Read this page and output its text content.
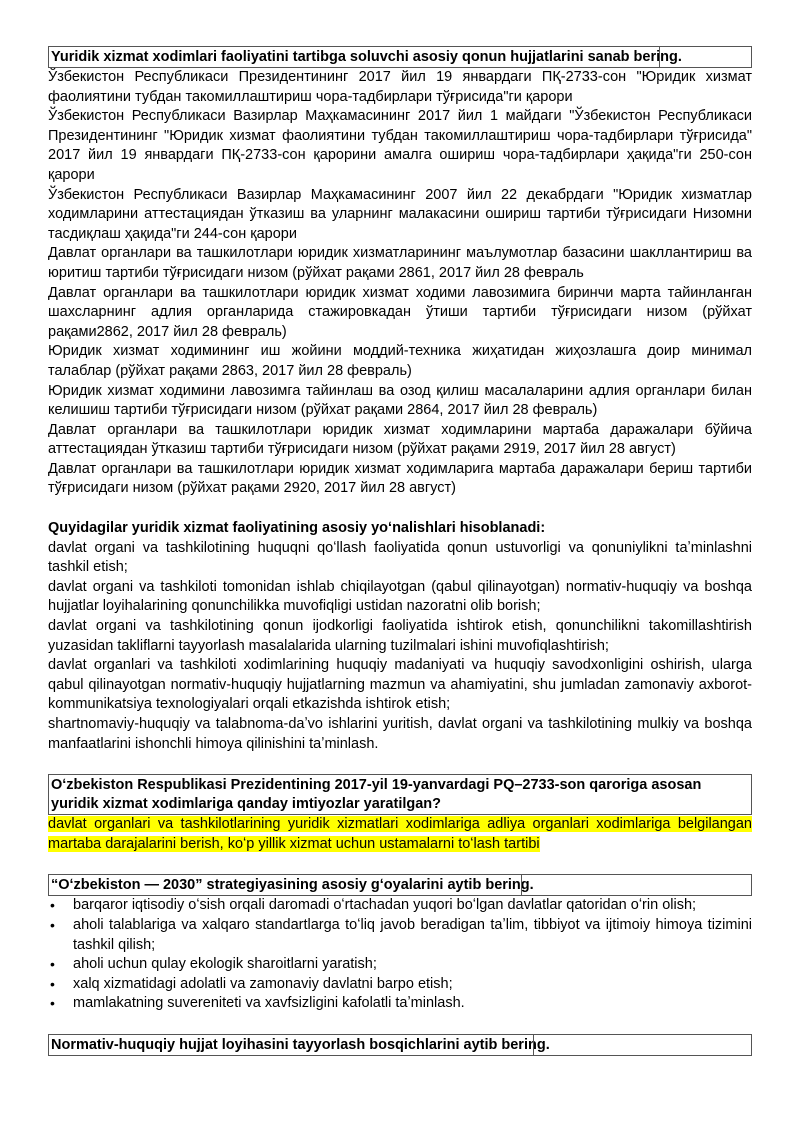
Yuridik xizmat xodimlari faoliyatini tartibga soluvchi asosiy qonun hujjatlarini sanab bering.

Ўзбекистон Республикаси Президентининг 2017 йил 19 январдаги ПҚ-2733-сон "Юридик хизмат фаолиятини тубдан такомиллаштириш чора-тадбирлари тўғрисида"ги қарори

Ўзбекистон Республикаси Вазирлар Маҳкамасининг 2017 йил 1 майдаги "Ўзбекистон Республикаси Президентининг "Юридик хизмат фаолиятини тубдан такомиллаштириш чора-тадбирлари тўғрисида" 2017 йил 19 январдаги ПҚ-2733-сон қарорини амалга ошириш чора-тадбирлари ҳақида"ги 250-сон қарори

Ўзбекистон Республикаси Вазирлар Маҳкамасининг 2007 йил 22 декабрдаги "Юридик хизматлар ходимларини аттестациядан ўтказиш ва уларнинг малакасини ошириш тартиби тўғрисидаги Низомни тасдиқлаш ҳақида"ги 244-сон қарори

Давлат органлари ва ташкилотлари юридик хизматларининг маълумотлар базасини шакллантириш ва юритиш тартиби тўғрисидаги низом (рўйхат рақами 2861, 2017 йил 28 февраль

Давлат органлари ва ташкилотлари юридик хизмат ходими лавозимига биринчи марта тайинланган шахсларнинг адлия органларида стажировкадан ўтиши тартиби тўғрисидаги низом (рўйхат рақами2862, 2017 йил 28 февраль)

Юридик хизмат ходимининг иш жойини моддий-техника жиҳатидан жиҳозлашга доир минимал талаблар (рўйхат рақами 2863, 2017 йил 28 февраль)

Юридик хизмат ходимини лавозимга тайинлаш ва озод қилиш масалаларини адлия органлари билан келишиш тартиби тўғрисидаги низом (рўйхат рақами 2864, 2017 йил 28 февраль)

Давлат органлари ва ташкилотлари юридик хизмат ходимларини мартаба даражалари бўйича аттестациядан ўтказиш тартиби тўғрисидаги низом (рўйхат рақами 2919, 2017 йил 28 август)

Давлат органлари ва ташкилотлари юридик хизмат ходимларига мартаба даражалари бериш тартиби тўғрисидаги низом (рўйхат рақами 2920, 2017 йил 28 август)

Quyidagilar yuridik xizmat faoliyatining asosiy yoʻnalishlari hisoblanadi:

davlat organi va tashkilotining huquqni qoʻllash faoliyatida qonun ustuvorligi va qonuniylikni taʼminlashni tashkil etish;

davlat organi va tashkiloti tomonidan ishlab chiqilayotgan (qabul qilinayotgan) normativ-huquqiy va boshqa hujjatlar loyihalarining qonunchilikka muvofiqligi ustidan nazoratni olib borish;

davlat organi va tashkilotining qonun ijodkorligi faoliyatida ishtirok etish, qonunchilikni takomillashtirish yuzasidan takliflarni tayyorlash masalalarida ularning tuzilmalari ishini muvofiqlashtirish;

davlat organlari va tashkiloti xodimlarining huquqiy madaniyati va huquqiy savodxonligini oshirish, ularga qabul qilinayotgan normativ-huquqiy hujjatlarning mazmun va ahamiyatini, shu jumladan zamonaviy axborot-kommunikatsiya texnologiyalari orqali etkazishda ishtirok etish;

shartnomaviy-huquqiy va talabnoma-daʼvo ishlarini yuritish, davlat organi va tashkilotining mulkiy va boshqa manfaatlarini ishonchli himoya qilinishini taʼminlash.

Oʻzbekiston Respublikasi Prezidentining 2017-yil 19-yanvardagi PQ–2733-son qaroriga asosan yuridik xizmat xodimlariga qanday imtiyozlar yaratilgan?

davlat organlari va tashkilotlarining yuridik xizmatlari xodimlariga adliya organlari xodimlariga belgilangan martaba darajalarini berish, koʻp yillik xizmat uchun ustamalarni toʻlash tartibi

“Oʻzbekiston — 2030” strategiyasining asosiy gʻoyalarini aytib bering.
• barqaror iqtisodiy oʻsish orqali daromadi oʻrtachadan yuqori boʻlgan davlatlar qatoridan oʻrin olish;
• aholi talablariga va xalqaro standartlarga toʻliq javob beradigan taʼlim, tibbiyot va ijtimoiy himoya tizimini tashkil qilish;
• aholi uchun qulay ekologik sharoitlarni yaratish;
• xalq xizmatidagi adolatli va zamonaviy davlatni barpo etish;
• mamlakatning suvereniteti va xavfsizligini kafolatli taʼminlash.
Normativ-huquqiy hujjat loyihasini tayyorlash bosqichlarini aytib bering.
